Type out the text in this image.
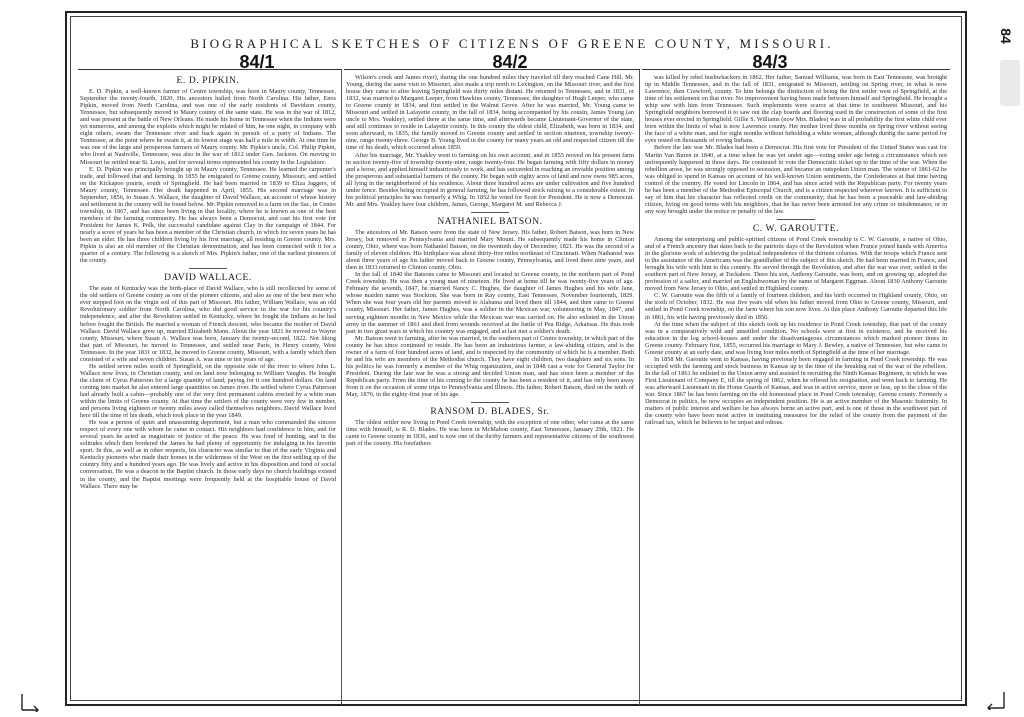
BIOGRAPHICAL SKETCHES OF CITIZENS OF GREENE COUNTY, MISSOURI.
84/1	84/2	84/3
E. D. PIPKIN.

E. D. Pipkin, a well-known farmer of Centre township, was born in Maury county, Tennessee, September the twenty-fourth, 1820. His ancestors hailed from North Carolina. His father, Enos Pipkin, moved from North Carolina, and was one of the early residents of Davidson county, Tennessee, but subsequently moved to Maury county of the same state. He was in the war of 1812, and was present at the battle of New Orleans. He made his home in Tennessee when the Indians were yet numerous, and among the exploits which might be related of him, he one night, in company with eight others, swam the Tennessee river and back again in pursuit of a party of Indians. The Tennessee, at the point where he swam it, at its lowest stage was half a mile in width. At one time he was one of the large and prosperous farmers of Maury county. Mr. Pipkin's uncle, Col. Philip Pipkin, who lived at Nashville, Tennessee, was also in the war of 1812 under Gen. Jackson. On moving to Missouri he settled near St. Louis, and for several terms represented his county in the Legislature.

E. D. Pipkin was principally brought up in Maury county, Tennessee. He learned the carpenter's trade, and followed that and farming. In 1855 he emigrated to Greene county, Missouri, and settled on the Kickapoo prairie, south of Springfield. He had been married in 1839 to Eliza Jaggers, of Maury county, Tennessee. Her death happened in April, 1855. His second marriage was in September, 1856, to Susan A. Wallace, the daughter of David Wallace, an account of whose history and settlement in the county will be found below. Mr. Pipkin removed to a farm on the Sac, in Centre township, in 1867, and has since been living in that locality, where he is known as one of the best members of the farming community. He has always been a Democrat, and cast his first vote for President for James K. Polk, the successful candidate against Clay in the campaign of 1844. For nearly a score of years he has been a member of the Christian church, in which for seven years he has been an elder. He has three children living by his first marriage, all residing in Greene county. Mrs. Pipkin is also an old member of the Christian denomination, and has been connected with it for a quarter of a century. The following is a sketch of Mrs. Pipkin's father, one of the earliest pioneers of the county.

DAVID WALLACE.

The state of Kentucky was the birth-place of David Wallace, who is still recollected by some of the old settlers of Greene county as one of the pioneer citizens, and also as one of the best men who ever stepped foot on the virgin soil of this part of Missouri. His father, William Wallace, was an old Revolutionary soldier from North Carolina, who did good service in the war for his country's independence, and after the Revolution settled in Kentucky, where he fought the Indians as he had before fought the British. He married a woman of French descent, who became the mother of David Wallace. David Wallace grew up, married Elizabeth Mann. About the year 1821 he moved to Wayne county, Missouri, where Susan A. Wallace was born, January the twenty-second, 1822. Not liking that part of Missouri, he moved to Tennessee, and settled near Paris, in Henry county, West Tennessee. In the year 1831 or 1832, he moved to Greene county, Missouri, with a family which then consisted of a wife and seven children. Susan A. was nine or ten years of age.

He settled seven miles south of Springfield, on the opposite side of the river to where John L. Wallace now lives, in Christian county, and on land now belonging to William Vaughn. He bought the claim of Cyrus Patterson for a large quantity of land, paying for it one hundred dollars. On land coming into market he also entered large quantities on James river. He settled where Cyrus Patterson had already built a cabin—probably one of the very first permanent cabins erected by a white man within the limits of Greene county. At that time the settlers of the county were very few in number, and persons living eighteen or twenty miles away called themselves neighbors. David Wallace lived here till the time of his death, which took place in the year 1849.

He was a person of quiet and unassuming deportment, but a man who commanded the sincere respect of every one with whom he came in contact. His neighbors had confidence in him, and for several years he acted as magistrate or justice of the peace. He was fond of hunting, and in the solitudes which then bordered the James he had plenty of opportunity for indulging in his favorite sport. In this, as well as in other respects, his character was similar to that of the early Virginia and Kentucky pioneers who made their homes in the wilderness of the West on the first settling up of the country fifty and a hundred years ago. He was lively and active in his disposition and fond of social conversation. He was a deacon in the Baptist church. In those early days no church buildings existed in the county, and the Baptist meetings were frequently held at the hospitable house of David Wallace. There may be

Wilson's creek and James river), during the one hundred miles they traveled till they reached Cane Hill. Mr. Young, during the same visit to Missouri, also made a trip north to Lexington, on the Missouri river, and the first house they came to after leaving Springfield was thirty miles distant. He returned to Tennessee, and in 1831, or 1832, was married to Margaret Leeper, from Hawkins county, Tennessee, the daughter of Hugh Leeper, who came to Greene county in 1834, and first settled in the Walnut Grove. After he was married, Mr. Young came to Missouri and settled in Lafayette county, in the fall of 1834, being accompanied by his cousin, James Young (an uncle to Mrs. Yeakley), settled there at the same time, and afterwards became Lieutenant-Governor of the state, and still continues to reside in Lafayette county. In this county the oldest child, Elizabeth, was born in 1834, and soon afterward, in 1835, the family moved to Greene county and settled in section nineteen, township twenty-nine, range twenty-three. George B. Young lived in the county for many years an old and respected citizen till the time of his death, which occurred about 1859.

After his marriage, Mr. Yeakley went to farming on his own account, and in 1855 moved on his present farm in section twenty-five of township twenty-nine, range twenty-four. He began farming with fifty dollars in money and a horse, and applied himself industriously to work, and has succeeded in reaching an enviable position among the prosperous and substantial farmers of the county. He began with eighty acres of land and now owns 985 acres, all lying in the neighborhood of his residence. About three hundred acres are under cultivation and five hundred under fence. Besides being occupied in general farming, he has followed stock raising to a considerable extent. In his political principles he was formerly a Whig. In 1852 he voted for Scott for President. He is now a Democrat. Mr. and Mrs. Yeakley have four children, James, George, Margaret M. and Rebecca J.

NATHANIEL BATSON.

The ancestors of Mr. Batson were from the state of New Jersey. His father, Robert Batson, was born in New Jersey, but removed to Pennsylvania and married Mary Mount. He subsequently made his home in Clinton county, Ohio, where was born Nathaniel Batson, on the twentieth day of December, 1821. He was the second of a family of eleven children. His birthplace was about thirty-five miles northeast of Cincinnati. When Nathaniel was about three years of age his father moved back to Greene county, Pennsylvania, and lived there nine years, and then in 1833 returned to Clinton county, Ohio.

In the fall of 1840 the Batsons came to Missouri and located in Greene county, in the northern part of Pond Creek township. He was then a young man of nineteen. He lived at home till he was twenty-five years of age. February the seventh, 1847, he married Nancy C. Hughes, the daughter of James Hughes and his wife Jane, whose maiden name was Stockton. She was born in Ray county, East Tennessee, November fourteenth, 1829. When she was four years old her parents moved to Alabama and lived there till 1844, and then came to Greene county, Missouri. Her father, James Hughes, was a soldier in the Mexican war, volunteering in May, 1847, and serving eighteen months in New Mexico while the Mexican war was carried on. He also enlisted in the Union army in the summer of 1861 and died from wounds received at the battle of Pea Ridge, Arkansas. He thus took part in two great wars in which his country was engaged, and at last met a soldier's death.

Mr. Batson went to farming, after he was married, in the southern part of Centre township, in which part of the county he has since continued to reside. He has been an industrious farmer, a law-abiding citizen, and is the owner of a farm of four hundred acres of land, and is respected by the community of which he is a member. Both he and his wife are members of the Methodist church. They have eight children, two daughters and six sons. In his politics he was formerly a member of the Whig organization, and in 1848 cast a vote for General Taylor for President. During the late war he was a strong and decided Union man, and has since been a member of the Republican party. From the time of his coming to the county he has been a resident of it, and has only been away from it on the occasion of some trips to Pennsylvania and Illinois. His father, Robert Batson, died on the tenth of May, 1876, in the eighty-first year of his age.

RANSOM D. BLADES, Sr.

The oldest settler now living in Pond Creek township, with the exception of one other, who came at the same time with himself, is R. D. Blades. He was born in McMahon county, East Tennessee, January 29th, 1821. He came to Greene county in 1836, and is now one of the thrifty farmers and representative citizens of the southwest part of the county. His forefathers

was killed by rebel bushwhackers in 1862. Her father, Samuel Williams, was born in East Tennessee, was brought up in Middle Tennessee, and in the fall of 1831, emigrated to Missouri, settling on Spring river, in what is now Lawrence, then Crawford, county. To him belongs the distinction of being the first settler west of Springfield, at the time of his settlement on that river. No improvement having been made between himself and Springfield. He brought a whip saw with him from Tennessee. Such implements were scarce at that time in southwest Missouri, and his Springfield neighbors borrowed it to saw out the clap boards and flooring used in the construction of some of the first houses ever erected in Springfield. Gillie S. Williams (now Mrs. Blades) was in all probability the first white child ever born within the limits of what is now Lawrence county. Her mother lived three months on Spring river without seeing the face of a white man, and for eight months without beholding a white woman, although during the same period for eyes rested on thousands of roving Indians.

Before the late war Mr. Blades had been a Democrat. His first vote for President of the United States was cast for Martin Van Buren in 1840, at a time when he was yet under age—voting under age being a circumstance which not unfrequently happened in those days. He continued to vote the Democratic ticket up to the time of the war. When the rebellion arose, he was strongly opposed to secession, and became an outspoken Union man. The winter of 1861-62 he was obliged to spend in Kansas on account of his well-known Union sentiments, the Confederates at that time having control of the country. He voted for Lincoln in 1864, and has since acted with the Republican party. For twenty years he has been a member of the Methodist Episcopal Church, and is a citizen respected wherever known. It is sufficient to say of him that his character has reflected credit on the community; that he has been a peaceable and law-abiding citizen, living on good terms with his neighbors, that he has never been arrested for any crime or misdemeanor, or in any way brought under the notice or penalty of the law.

C. W. GAROUTTE.

Among the enterprising and public-spirited citizens of Pond Creek township is C. W. Garoutte, a native of Ohio, and of a French ancestry that dates back to the patriotic days of the Revolution when France joined hands with America in the glorious work of achieving the political independence of the thirteen colonies. With the troops which France sent to the assistance of the Americans was the grandfather of the subject of this sketch. He had been married in France, and brought his wife with him to this country. He served through the Revolution, and after the war was over, settled in the southern part of New Jersey, at Tuckahoe. There his son, Anthony Garoutte, was born, and on growing up, adopted the profession of a sailor, and married an Englishwoman by the name of Margaret Eggman. About 1830 Anthony Garoutte moved from New Jersey to Ohio, and settled in Highland county.

C. W. Garoutte was the fifth of a family of fourteen children, and his birth occurred in Highland county, Ohio, on the sixth of October, 1832. He was five years old when his father moved from Ohio to Greene county, Missouri, and settled in Pond Creek township, on the farm where his son now lives. At this place Anthony Garoutte departed this life in 1861, his wife having previously died in 1856.

At the time when the subject of this sketch took up his residence in Pond Creek township, that part of the county was in a comparatively wild and unsettled condition. No schools were at first in existence, and he received his education in the log school-houses and under the disadvantageous circumstances which marked pioneer times in Greene county. February first, 1855, occurred his marriage to Mary J. Bewley, a native of Tennessee, but who came to Greene county at an early date, and was living four miles north of Springfield at the time of her marriage.

In 1858 Mr. Garoutte went to Kansas, having previously been engaged in farming in Pond Creek township. He was occupied with the farming and stock business in Kansas up to the time of the breaking out of the war of the rebellion. In the fall of 1861 he enlisted in the Union army and assisted in recruiting the Ninth Kansas Regiment, in which he was First Lieutenant of Company E, till the spring of 1862, when he offered his resignation, and went back to farming. He was afterward Lieutenant in the Home Guards of Kansas, and was in active service, more or less, up to the close of the war. Since 1867 he has been farming on the old homestead place in Pond Creek township, Greene county. Formerly a Democrat in politics, he now occupies an independent position. He is an active member of the Masonic fraternity. In matters of public interest and welfare he has always borne an active part, and is one of those in the southwest part of the county who have been most active in instituting measures for the relief of the county from the payment of the railroad tax, which he believes to be unjust and odious.

84
